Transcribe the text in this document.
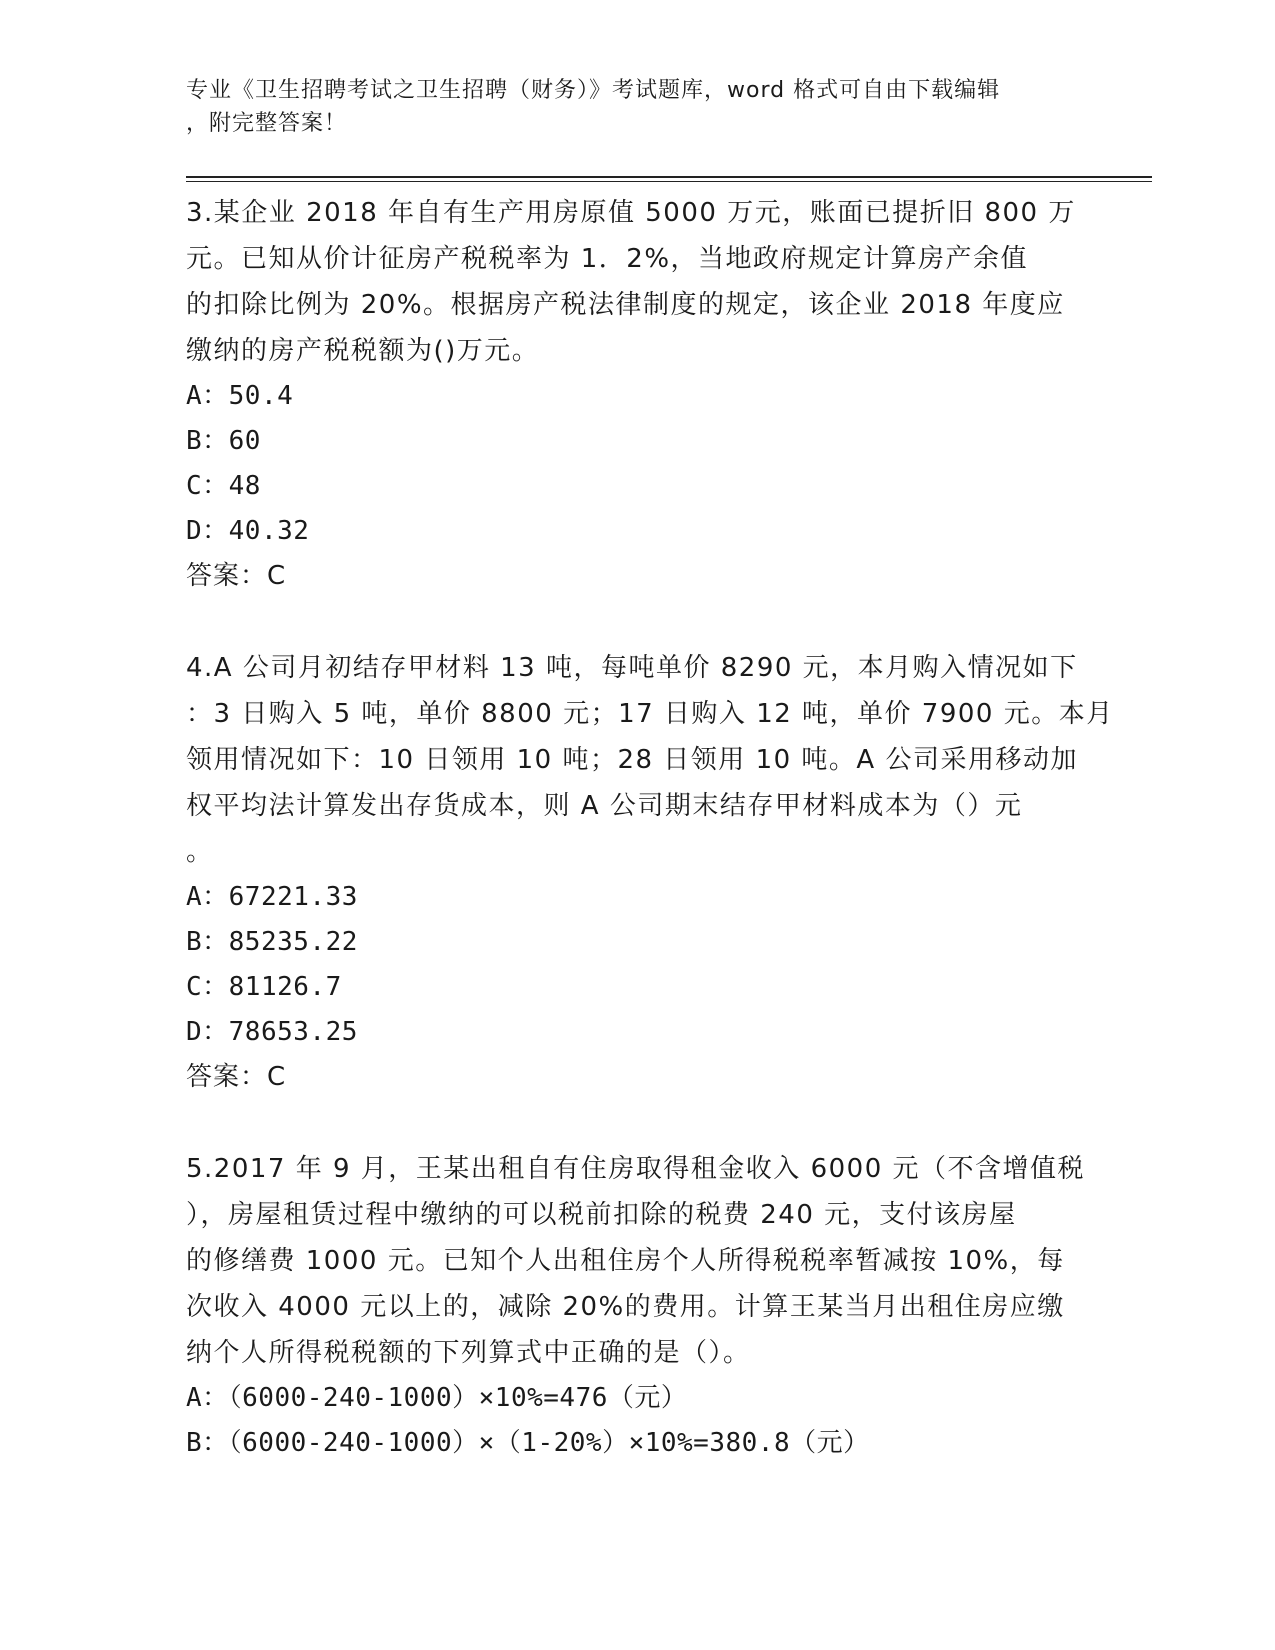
专业《卫生招聘考试之卫生招聘（财务）》考试题库，word 格式可自由下载编辑
，附完整答案！
3.某企业 2018 年自有生产用房原值 5000 万元，账面已提折旧 800 万
元。已知从价计征房产税税率为 1．2%，当地政府规定计算房产余值
的扣除比例为 20%。根据房产税法律制度的规定，该企业 2018 年度应
缴纳的房产税税额为()万元。
A：50.4
B：60
C：48
D：40.32
答案：C
4.A 公司月初结存甲材料 13 吨，每吨单价 8290 元，本月购入情况如下
：3 日购入 5 吨，单价 8800 元；17 日购入 12 吨，单价 7900 元。本月
领用情况如下：10 日领用 10 吨；28 日领用 10 吨。A 公司采用移动加
权平均法计算发出存货成本，则 A 公司期末结存甲材料成本为（）元
。
A：67221.33
B：85235.22
C：81126.7
D：78653.25
答案：C
5.2017 年 9 月，王某出租自有住房取得租金收入 6000 元（不含增值税
），房屋租赁过程中缴纳的可以税前扣除的税费 240 元，支付该房屋
的修缮费 1000 元。已知个人出租住房个人所得税税率暂减按 10%，每
次收入 4000 元以上的，减除 20%的费用。计算王某当月出租住房应缴
纳个人所得税税额的下列算式中正确的是（）。
A：（6000-240-1000）×10%=476（元）
B：（6000-240-1000）×（1-20%）×10%=380.8（元）
